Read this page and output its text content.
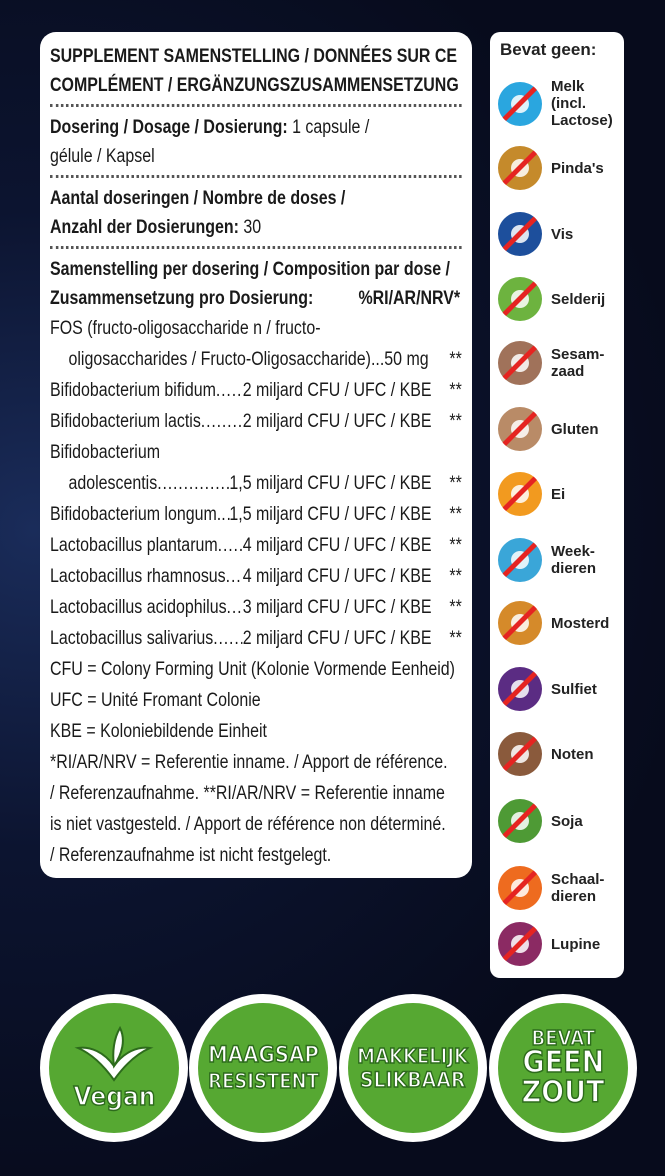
SUPPLEMENT SAMENSTELLING / DONNÉES SUR CE
COMPLÉMENT / ERGÄNZUNGSZUSAMMENSETZUNG
Dosering / Dosage / Dosierung: 1 capsule /
gélule / Kapsel
Aantal doseringen / Nombre de doses /
Anzahl der Dosierungen: 30
Samenstelling per dosering / Composition par dose /
Zusammensetzung pro Dosierung: %RI/AR/NRV*
FOS (fructo-oligosaccharide n / fructo-
oligosaccharides / Fructo-Oligosaccharide)...50 mg	**
Bifidobacterium bifidum ..... 2 miljard CFU / UFC / KBE **
Bifidobacterium lactis ..... 2 miljard CFU / UFC / KBE **
Bifidobacterium
adolescentis .....	1,5 miljard CFU / UFC / KBE **
Bifidobacterium longum. ..... 1,5 miljard CFU / UFC / KBE **
Lactobacillus plantarum ..... 4 miljard CFU / UFC / KBE **
Lactobacillus rhamnosus ..... 4 miljard CFU / UFC / KBE **
Lactobacillus acidophilus ..... 3 miljard CFU / UFC / KBE **
Lactobacillus salivarius ..... 2 miljard CFU / UFC / KBE **
CFU = Colony Forming Unit (Kolonie Vormende Eenheid)
UFC = Unité Fromant Colonie
KBE = Koloniebildende Einheit
*RI/AR/NRV = Referentie inname. / Apport de référence.
/ Referenzaufnahme. **RI/AR/NRV = Referentie inname
is niet vastgesteld. / Apport de référence non déterminé.
/ Referenzaufnahme ist nicht festgelegt.
Bevat geen:
Melk (incl. Lactose)
Pinda's
Vis
Selderij
Sesam-zaad
Gluten
Ei
Week-dieren
Mosterd
Sulfiet
Noten
Soja
Schaal-dieren
Lupine
Vegan
MAAGSAP
RESISTENT
MAKKELIJK
SLIKBAAR
BEVAT
GEEN
ZOUT
